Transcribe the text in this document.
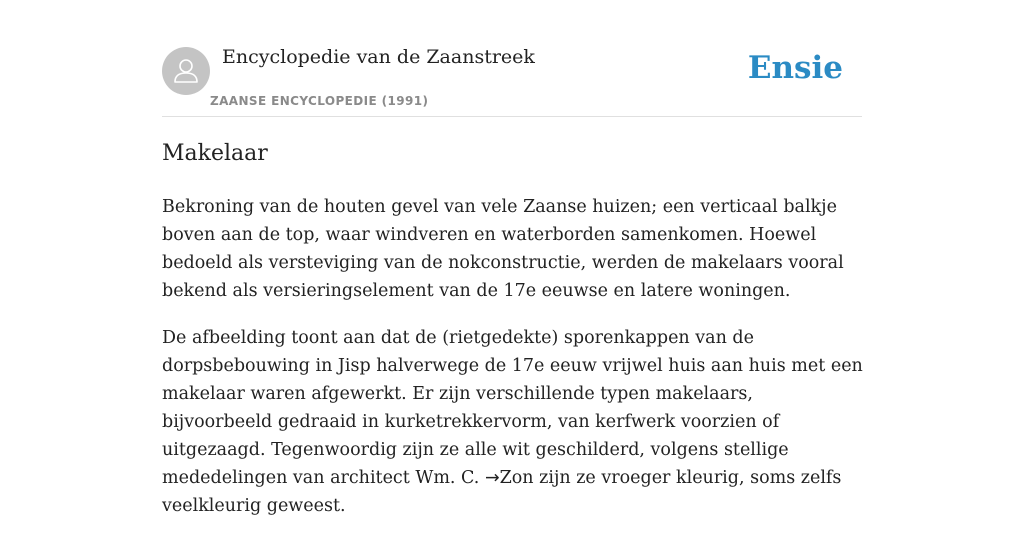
Encyclopedie van de Zaanstreek
ZAANSE ENCYCLOPEDIE (1991)
Ensie
Makelaar

Bekroning van de houten gevel van vele Zaanse huizen; een verticaal balkje boven aan de top, waar windveren en waterborden samenkomen. Hoewel bedoeld als versteviging van de nokconstructie, werden de makelaars vooral bekend als versieringselement van de 17e eeuwse en latere woningen.

De afbeelding toont aan dat de (rietgedekte) sporenkappen van de dorpsbebouwing in Jisp halverwege de 17e eeuw vrijwel huis aan huis met een makelaar waren afgewerkt. Er zijn verschillende typen makelaars, bijvoorbeeld gedraaid in kurketrekkervorm, van kerfwerk voorzien of uitgezaagd. Tegenwoordig zijn ze alle wit geschilderd, volgens stellige mededelingen van architect Wm. C. →Zon zijn ze vroeger kleurig, soms zelfs veelkleurig geweest.
